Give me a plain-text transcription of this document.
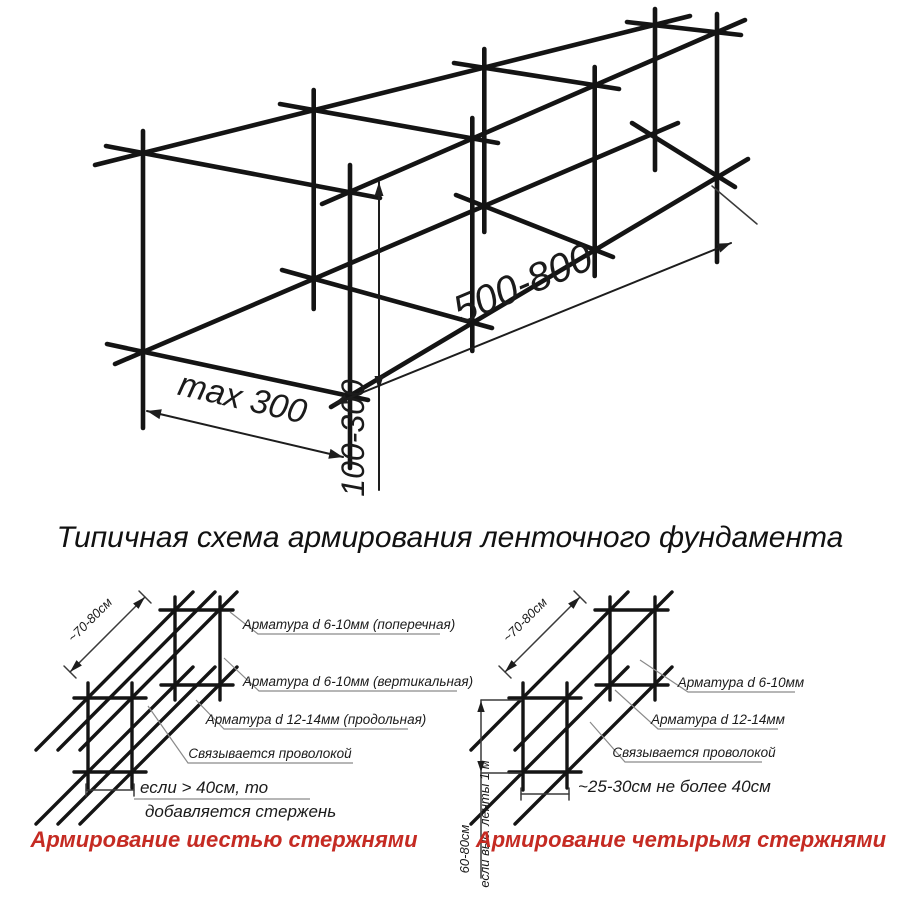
max 300
500-800
100-300
Типичная схема армирования ленточного фундамента
~70-80см	Арматура d 6-10мм (поперечная)
Арматура d 6-10мм (вертикальная)
Арматура d 12-14мм (продольная)
Связывается проволокой
если > 40см, то
добавляется стержень
Армирование шестью стержнями
~70-80см
60-80см если выс. ленты 1 м	~25-30см не более 40см
Арматура d 6-10мм
Арматура d 12-14мм
Связывается проволокой
Армирование четырьмя стержнями
